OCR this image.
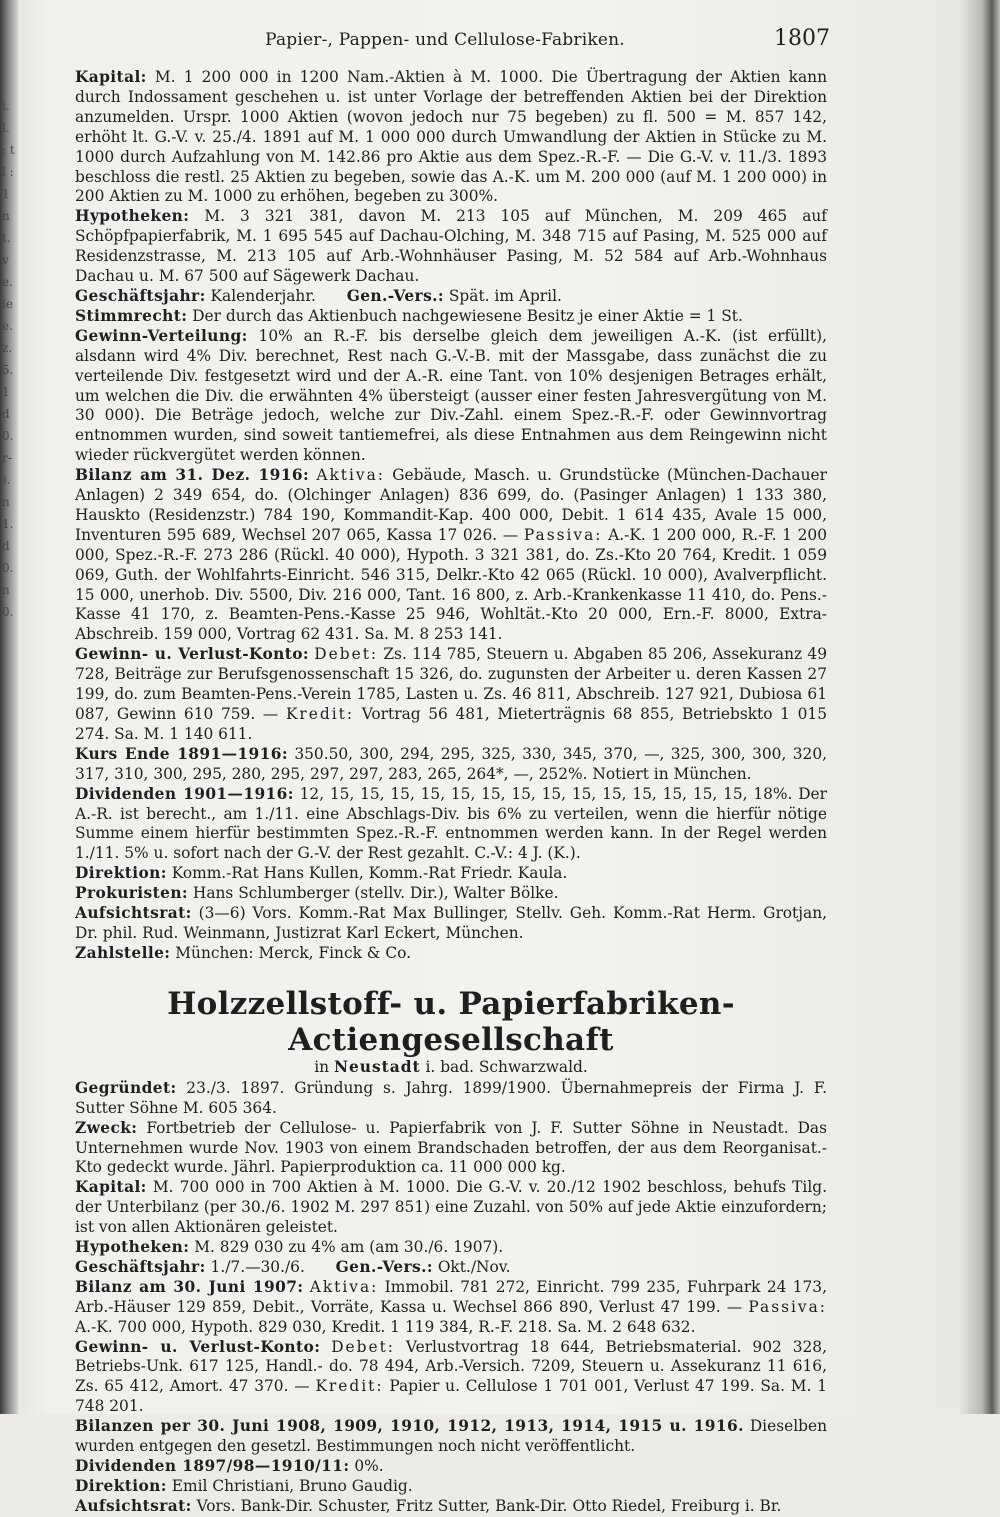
i. l. ; t l : 1 n t. v e. le e. z. 5. 1 d 0. r- ). n 1. d 0. n 0.
Papier-, Pappen- und Cellulose-Fabriken.	1807

Kapital: M. 1 200 000 in 1200 Nam.-Aktien à M. 1000. Die Übertragung der Aktien kann durch Indossament geschehen u. ist unter Vorlage der betreffenden Aktien bei der Direktion anzumelden. Urspr. 1000 Aktien (wovon jedoch nur 75 begeben) zu fl. 500 = M. 857 142, erhöht lt. G.-V. v. 25./4. 1891 auf M. 1 000 000 durch Umwandlung der Aktien in Stücke zu M. 1000 durch Aufzahlung von M. 142.86 pro Aktie aus dem Spez.-R.-F. — Die G.-V. v. 11./3. 1893 beschloss die restl. 25 Aktien zu begeben, sowie das A.-K. um M. 200 000 (auf M. 1 200 000) in 200 Aktien zu M. 1000 zu erhöhen, begeben zu 300%.

Hypotheken: M. 3 321 381, davon M. 213 105 auf München, M. 209 465 auf Schöpfpapierfabrik, M. 1 695 545 auf Dachau-Olching, M. 348 715 auf Pasing, M. 525 000 auf Residenzstrasse, M. 213 105 auf Arb.-Wohnhäuser Pasing, M. 52 584 auf Arb.-Wohnhaus Dachau u. M. 67 500 auf Sägewerk Dachau.

Geschäftsjahr: Kalenderjahr.   Gen.-Vers.: Spät. im April.

Stimmrecht: Der durch das Aktienbuch nachgewiesene Besitz je einer Aktie = 1 St.

Gewinn-Verteilung: 10% an R.-F. bis derselbe gleich dem jeweiligen A.-K. (ist erfüllt), alsdann wird 4% Div. berechnet, Rest nach G.-V.-B. mit der Massgabe, dass zunächst die zu verteilende Div. festgesetzt wird und der A.-R. eine Tant. von 10% desjenigen Betrages erhält, um welchen die Div. die erwähnten 4% übersteigt (ausser einer festen Jahresvergütung von M. 30 000). Die Beträge jedoch, welche zur Div.-Zahl. einem Spez.-R.-F. oder Gewinnvortrag entnommen wurden, sind soweit tantiemefrei, als diese Entnahmen aus dem Reingewinn nicht wieder rückvergütet werden können.

Bilanz am 31. Dez. 1916: Aktiva: Gebäude, Masch. u. Grundstücke (München-Dachauer Anlagen) 2 349 654, do. (Olchinger Anlagen) 836 699, do. (Pasinger Anlagen) 1 133 380, Hauskto (Residenzstr.) 784 190, Kommandit-Kap. 400 000, Debit. 1 614 435, Avale 15 000, Inventuren 595 689, Wechsel 207 065, Kassa 17 026. — Passiva: A.-K. 1 200 000, R.-F. 1 200 000, Spez.-R.-F. 273 286 (Rückl. 40 000), Hypoth. 3 321 381, do. Zs.-Kto 20 764, Kredit. 1 059 069, Guth. der Wohlfahrts-Einricht. 546 315, Delkr.-Kto 42 065 (Rückl. 10 000), Avalverpflicht. 15 000, unerhob. Div. 5500, Div. 216 000, Tant. 16 800, z. Arb.-Krankenkasse 11 410, do. Pens.-Kasse 41 170, z. Beamten-Pens.-Kasse 25 946, Wohltät.-Kto 20 000, Ern.-F. 8000, Extra-Abschreib. 159 000, Vortrag 62 431. Sa. M. 8 253 141.

Gewinn- u. Verlust-Konto: Debet: Zs. 114 785, Steuern u. Abgaben 85 206, Assekuranz 49 728, Beiträge zur Berufsgenossenschaft 15 326, do. zugunsten der Arbeiter u. deren Kassen 27 199, do. zum Beamten-Pens.-Verein 1785, Lasten u. Zs. 46 811, Abschreib. 127 921, Dubiosa 61 087, Gewinn 610 759. — Kredit: Vortrag 56 481, Mieterträgnis 68 855, Betriebskto 1 015 274. Sa. M. 1 140 611.

Kurs Ende 1891—1916: 350.50, 300, 294, 295, 325, 330, 345, 370, —, 325, 300, 300, 320, 317, 310, 300, 295, 280, 295, 297, 297, 283, 265, 264*, —, 252%. Notiert in München.

Dividenden 1901—1916: 12, 15, 15, 15, 15, 15, 15, 15, 15, 15, 15, 15, 15, 15, 15, 18%. Der A.-R. ist berecht., am 1./11. eine Abschlags-Div. bis 6% zu verteilen, wenn die hierfür nötige Summe einem hierfür bestimmten Spez.-R.-F. entnommen werden kann. In der Regel werden 1./11. 5% u. sofort nach der G.-V. der Rest gezahlt. C.-V.: 4 J. (K.).

Direktion: Komm.-Rat Hans Kullen, Komm.-Rat Friedr. Kaula.

Prokuristen: Hans Schlumberger (stellv. Dir.), Walter Bölke.

Aufsichtsrat: (3—6) Vors. Komm.-Rat Max Bullinger, Stellv. Geh. Komm.-Rat Herm. Grotjan, Dr. phil. Rud. Weinmann, Justizrat Karl Eckert, München.

Zahlstelle: München: Merck, Finck & Co.

Holzzellstoff- u. Papierfabriken-Actiengesellschaft
in Neustadt i. bad. Schwarzwald.

Gegründet: 23./3. 1897. Gründung s. Jahrg. 1899/1900. Übernahmepreis der Firma J. F. Sutter Söhne M. 605 364.

Zweck: Fortbetrieb der Cellulose- u. Papierfabrik von J. F. Sutter Söhne in Neustadt. Das Unternehmen wurde Nov. 1903 von einem Brandschaden betroffen, der aus dem Reorganisat.-Kto gedeckt wurde. Jährl. Papierproduktion ca. 11 000 000 kg.

Kapital: M. 700 000 in 700 Aktien à M. 1000. Die G.-V. v. 20./12 1902 beschloss, behufs Tilg. der Unterbilanz (per 30./6. 1902 M. 297 851) eine Zuzahl. von 50% auf jede Aktie einzufordern; ist von allen Aktionären geleistet.

Hypotheken: M. 829 030 zu 4% am (am 30./6. 1907).

Geschäftsjahr: 1./7.—30./6.   Gen.-Vers.: Okt./Nov.

Bilanz am 30. Juni 1907: Aktiva: Immobil. 781 272, Einricht. 799 235, Fuhrpark 24 173, Arb.-Häuser 129 859, Debit., Vorräte, Kassa u. Wechsel 866 890, Verlust 47 199. — Passiva: A.-K. 700 000, Hypoth. 829 030, Kredit. 1 119 384, R.-F. 218. Sa. M. 2 648 632.

Gewinn- u. Verlust-Konto: Debet: Verlustvortrag 18 644, Betriebsmaterial. 902 328, Betriebs-Unk. 617 125, Handl.- do. 78 494, Arb.-Versich. 7209, Steuern u. Assekuranz 11 616, Zs. 65 412, Amort. 47 370. — Kredit: Papier u. Cellulose 1 701 001, Verlust 47 199. Sa. M. 1 748 201.

Bilanzen per 30. Juni 1908, 1909, 1910, 1912, 1913, 1914, 1915 u. 1916. Dieselben wurden entgegen den gesetzl. Bestimmungen noch nicht veröffentlicht.

Dividenden 1897/98—1910/11: 0%.

Direktion: Emil Christiani, Bruno Gaudig.

Aufsichtsrat: Vors. Bank-Dir. Schuster, Fritz Sutter, Bank-Dir. Otto Riedel, Freiburg i. Br.
